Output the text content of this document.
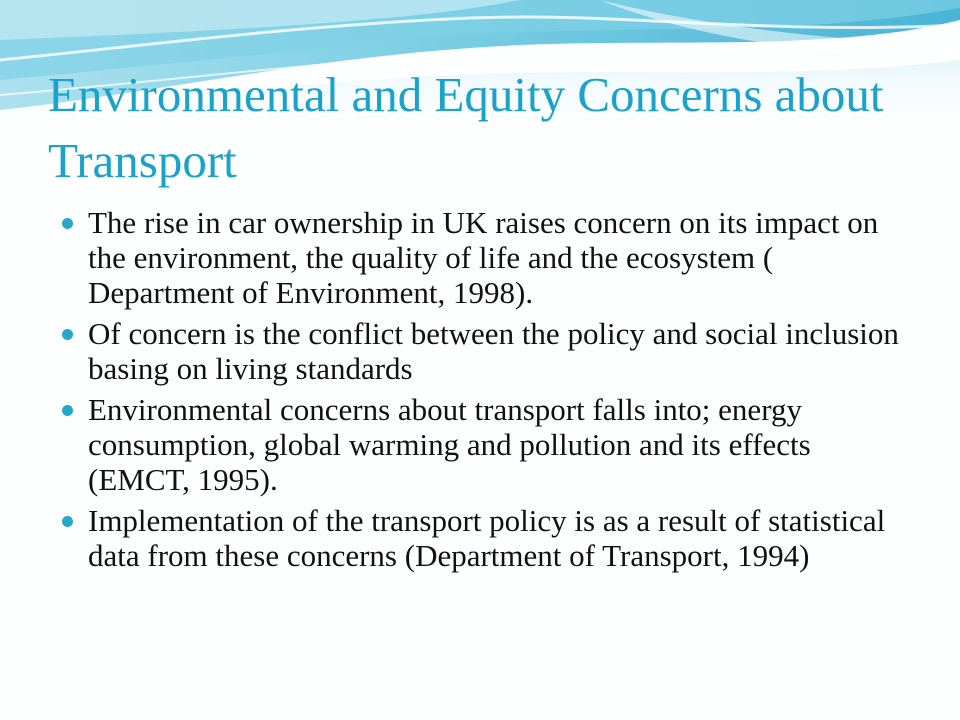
Environmental and Equity Concerns about Transport
The rise in car ownership in UK raises concern on its impact on the environment, the quality of life and the ecosystem ( Department of Environment, 1998).
Of concern is the conflict between the policy and social inclusion basing on living standards
Environmental concerns about transport falls into; energy consumption, global warming and pollution and its effects (EMCT, 1995).
Implementation of the transport policy is as a result of statistical data from these concerns (Department of Transport, 1994)
